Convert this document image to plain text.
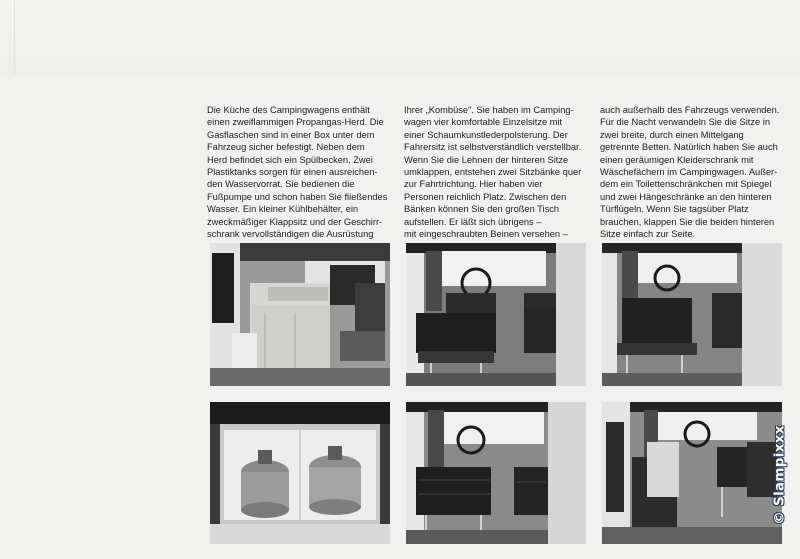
Die Küche des Campingwagens enthält
einen zweiflammigen Propangas-Herd. Die
Gasflaschen sind in einer Box unter dem
Fahrzeug sicher befestigt. Neben dem
Herd befindet sich ein Spülbecken. Zwei
Plastiktanks sorgen für einen ausreichen-
den Wasservorrat. Sie bedienen die
Fußpumpe und schon haben Sie fließendes
Wasser. Ein kleiner Kühlbehälter, ein
zweckmäßiger Klappsitz und der Geschirr-
schrank vervollständigen die Ausrüstung
Ihrer „Kombüse". Sie haben im Camping-
wagen vier komfortable Einzelsitze mit
einer Schaumkunstlederpolsterung. Der
Fahrersitz ist selbstverständlich verstellbar.
Wenn Sie die Lehnen der hinteren Sitze
umklappen, entstehen zwei Sitzbänke quer
zur Fahrtrichtung. Hier haben vier
Personen reichlich Platz. Zwischen den
Bänken können Sie den großen Tisch
aufstellen. Er läßt sich übrigens –
mit eingeschraubten Beinen versehen –
auch außerhalb des Fahrzeugs verwenden.
Für die Nacht verwandeln Sie die Sitze in
zwei breite, durch einen Mittelgang
getrennte Betten. Natürlich haben Sie auch
einen geräumigen Kleiderschrank mit
Wäschefächern im Campingwagen. Außer-
dem ein Toilettenschränkchen mit Spiegel
und zwei Hängeschränke an den hinteren
Türflügeln. Wenn Sie tagsüber Platz
brauchen, klappen Sie die beiden hinteren
Sitze einfach zur Seite.
© Slampixxx
